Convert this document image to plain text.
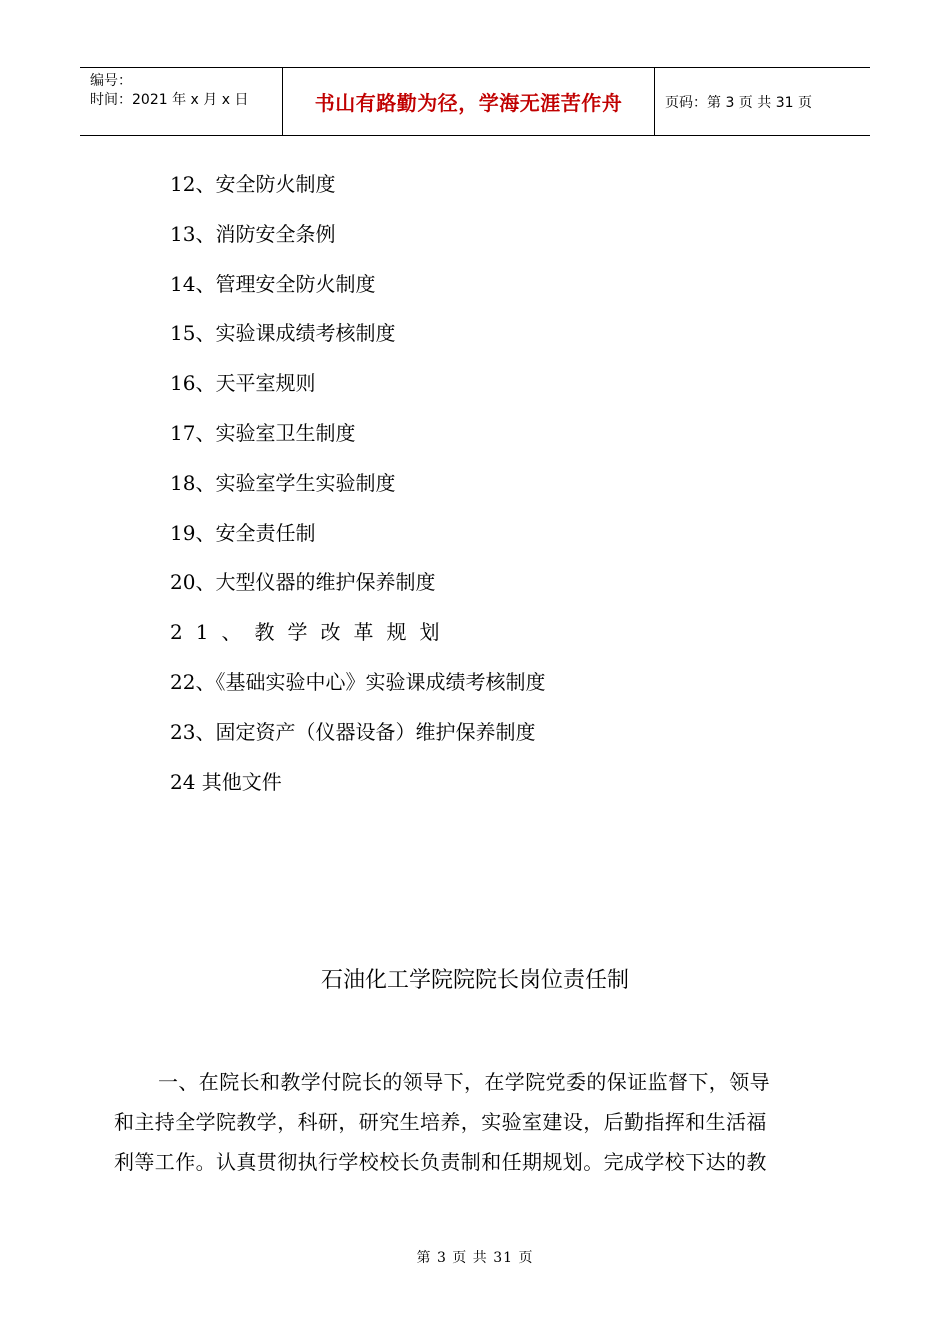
编号：
时间：2021 年 x 月 x 日	书山有路勤为径，学海无涯苦作舟	页码：第 3 页 共 31 页
12、安全防火制度
13、消防安全条例
14、管理安全防火制度
15、实验课成绩考核制度
16、天平室规则
17、实验室卫生制度
18、实验室学生实验制度
19、安全责任制
20、大型仪器的维护保养制度
21、教学改革规划
22、《基础实验中心》实验课成绩考核制度
23、固定资产（仪器设备）维护保养制度
24 其他文件
石油化工学院院院长岗位责任制
一、在院长和教学付院长的领导下，在学院党委的保证监督下，领导
和主持全学院教学，科研，研究生培养，实验室建设，后勤指挥和生活福
利等工作。认真贯彻执行学校校长负责制和任期规划。完成学校下达的教
第 3 页 共 31 页
